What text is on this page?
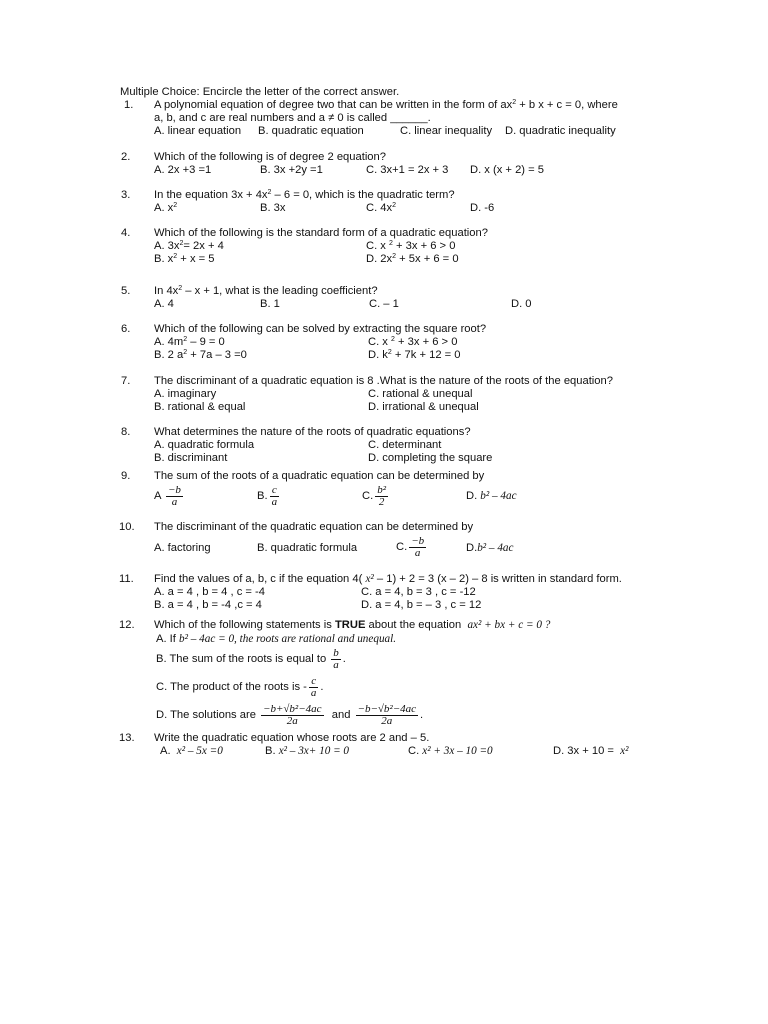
Multiple Choice: Encircle the letter of the correct answer.
1. A polynomial equation of degree two that can be written in the form of $ax^2 + b$ x + c = 0, where
a, b, and c are real numbers and a ≠ 0 is called ______.
A. linear equation B. quadratic equation	C. linear inequality D. quadratic inequality
2. Which of the following is of degree 2 equation?
A. 2x +3 =1	B. 3x +2y =1	C. 3x+1 = 2x + 3 D. x (x + 2) = 5
3. In the equation $3x + 4x^2 - 6 = 0$, which is the quadratic term?
A. $x^2$	B. 3x	C. $4x^2$	D. -6
4. Which of the following is the standard form of a quadratic equation?
A. $3x^2= 2x + 4$	C. x $^2$ + 3x + 6 > 0
B. $x^2 + x = 5$	D. $2x^2 + 5x + 6 = 0$
5. In $4x^2 - x + 1$, what is the leading coefficient?
A. 4	B. 1	C. – 1	D. 0
6. Which of the following can be solved by extracting the square root?
A. $4m^2 - 9 = 0$	C. x $^2$ + 3x + 6 > 0
B. 2 $a^2 + 7a - 3 =0$	D. $k^2 + 7k + 12 = 0$
7. The discriminant of a quadratic equation is 8 .What is the nature of the roots of the equation?
A. imaginary	C. rational & unequal
B. rational & equal	D. irrational & unequal
8. What determines the nature of the roots of quadratic equations?
A. quadratic formula	C. determinant
B. discriminant	D. completing the square
9. The sum of the roots of a quadratic equation can be determined by
A $\frac{-b}{a}$	B. $\frac{c}{a}$	C. $\frac{\text{b²}}{2}$	D. b² – 4ac
10. The discriminant of the quadratic equation can be determined by
A. factoring	B. quadratic formula	C. $\frac{-b}{a}$	D.b² – 4ac
11. Find the values of a, b, c if the equation 4( x² – 1) + 2 = 3 (x – 2) – 8 is written in standard form.
A. a = 4 , b = 4 , c = -4	C. a = 4, b = 3 , c = -12
B. a = 4 , b = -4 ,c = 4	D. a = 4, b = – 3 , c = 12
12. Which of the following statements is TRUE about the equation ax² + bx + c = 0 ?
A. If b² – 4ac = 0, the roots are rational and unequal.
B. The sum of the roots is equal to $\frac{b}{a}$ .
C. The product of the roots is - $\frac{c}{a}$ .
D. The solutions are $\frac{\text{−b+√b²−4ac}}{2a}$ and $\frac{\text{−b−√b²−4ac}}{2a}$ .
13. Write the quadratic equation whose roots are 2 and – 5.
A. x² – 5x =0	B. x² – 3x+ 10 = 0	C. x² + 3x – 10 =0	D. 3x + 10 = x²
